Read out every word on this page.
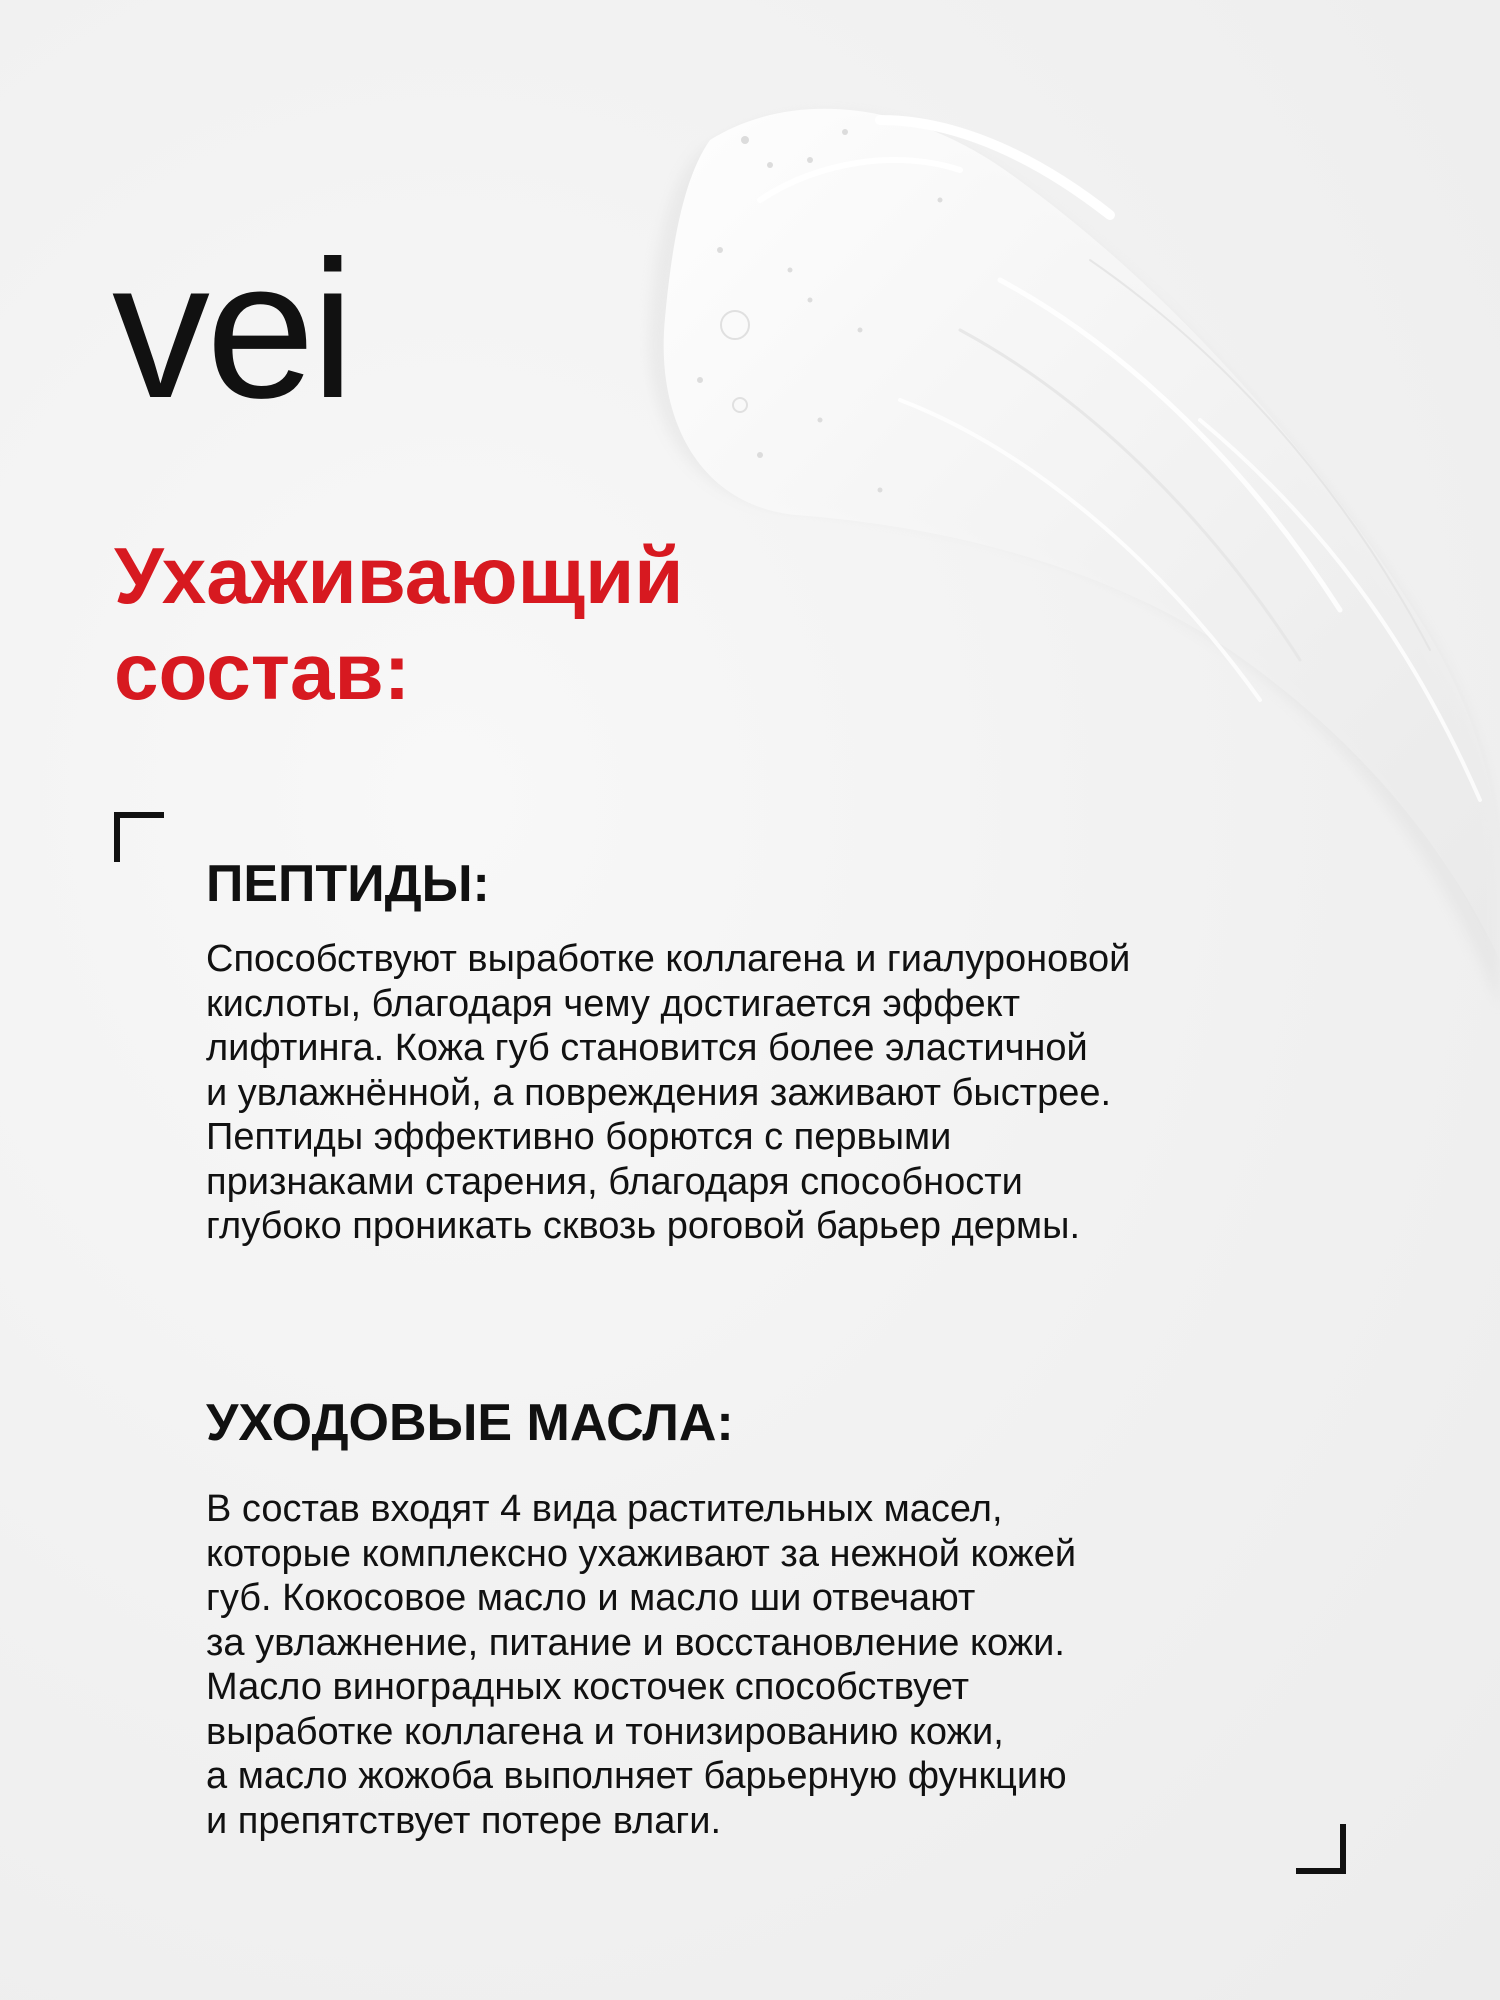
vei
Ухаживающий
состав:
ПЕПТИДЫ:

Способствуют выработке коллагена и гиалуроновой
кислоты, благодаря чему достигается эффект
лифтинга. Кожа губ становится более эластичной
и увлажнённой, а повреждения заживают быстрее.
Пептиды эффективно борются с первыми
признаками старения, благодаря способности
глубоко проникать сквозь роговой барьер дермы.

УХОДОВЫЕ МАСЛА:

В состав входят 4 вида растительных масел,
которые комплексно ухаживают за нежной кожей
губ. Кокосовое масло и масло ши отвечают
за увлажнение, питание и восстановление кожи.
Масло виноградных косточек способствует
выработке коллагена и тонизированию кожи,
а масло жожоба выполняет барьерную функцию
и препятствует потере влаги.
